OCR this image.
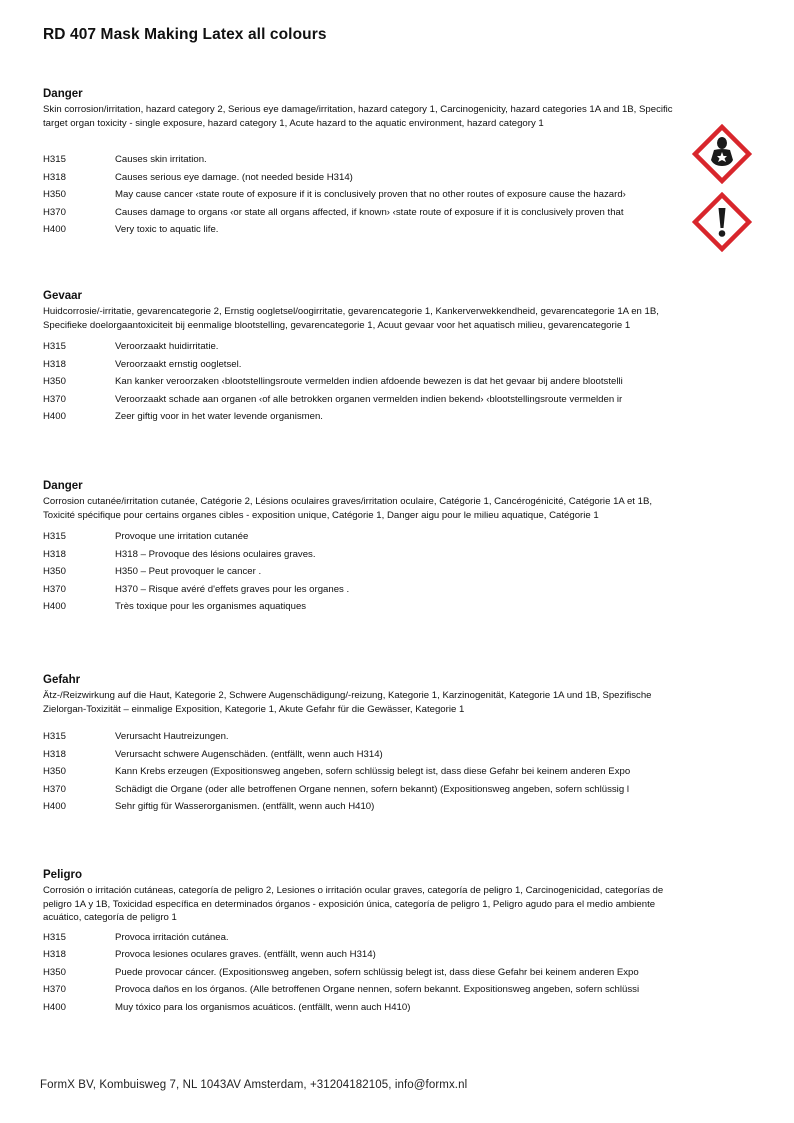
RD 407 Mask Making Latex all colours
Danger
Skin corrosion/irritation, hazard category 2, Serious eye damage/irritation, hazard category 1, Carcinogenicity, hazard categories 1A and 1B, Specific target organ toxicity - single exposure, hazard category 1, Acute hazard to the aquatic environment, hazard category 1
H315	Causes skin irritation.
H318	Causes serious eye damage. (not needed beside H314)
H350	May cause cancer ‹state route of exposure if it is conclusively proven that no other routes of exposure cause the hazard›
H370	Causes damage to organs ‹or state all organs affected, if known› ‹state route of exposure if it is conclusively proven that
H400	Very toxic to aquatic life.
Gevaar
Huidcorrosie/-irritatie, gevarencategorie 2, Ernstig oogletsel/oogirritatie, gevarencategorie 1, Kankerverwekkendheid, gevarencategorie 1A en 1B, Specifieke doelorgaantoxiciteit bij eenmalige blootstelling, gevarencategorie 1, Acuut gevaar voor het aquatisch milieu, gevarencategorie 1
H315	Veroorzaakt huidirritatie.
H318	Veroorzaakt ernstig oogletsel.
H350	Kan kanker veroorzaken ‹blootstellingsroute vermelden indien afdoende bewezen is dat het gevaar bij andere blootstelli
H370	Veroorzaakt schade aan organen ‹of alle betrokken organen vermelden indien bekend› ‹blootstellingsroute vermelden ir
H400	Zeer giftig voor in het water levende organismen.
Danger
Corrosion cutanée/irritation cutanée, Catégorie 2, Lésions oculaires graves/irritation oculaire, Catégorie 1, Cancérogénicité, Catégorie 1A et 1B, Toxicité spécifique pour certains organes cibles - exposition unique, Catégorie 1, Danger aigu pour le milieu aquatique, Catégorie 1
H315	Provoque une irritation cutanée
H318	H318 – Provoque des lésions oculaires graves.
H350	H350 – Peut provoquer le cancer .
H370	H370 – Risque avéré d'effets graves pour les organes .
H400	Très toxique pour les organismes aquatiques
Gefahr
Ätz-/Reizwirkung auf die Haut, Kategorie 2, Schwere Augenschädigung/-reizung, Kategorie 1, Karzinogenität, Kategorie 1A und 1B, Spezifische Zielorgan-Toxizität – einmalige Exposition, Kategorie 1, Akute Gefahr für die Gewässer, Kategorie 1
H315	Verursacht Hautreizungen.
H318	Verursacht schwere Augenschäden. (entfällt, wenn auch H314)
H350	Kann Krebs erzeugen (Expositionsweg angeben, sofern schlüssig belegt ist, dass diese Gefahr bei keinem anderen Expo
H370	Schädigt die Organe (oder alle betroffenen Organe nennen, sofern bekannt) (Expositionsweg angeben, sofern schlüssig l
H400	Sehr giftig für Wasserorganismen. (entfällt, wenn auch H410)
Peligro
Corrosión o irritación cutáneas, categoría de peligro 2, Lesiones o irritación ocular graves, categoría de peligro 1, Carcinogenicidad, categorías de peligro 1A y 1B, Toxicidad específica en determinados órganos - exposición única, categoría de peligro 1, Peligro agudo para el medio ambiente acuático, categoría de peligro 1
H315	Provoca irritación cutánea.
H318	Provoca lesiones oculares graves. (entfällt, wenn auch H314)
H350	Puede provocar cáncer. (Expositionsweg angeben, sofern schlüssig belegt ist, dass diese Gefahr bei keinem anderen Expo
H370	Provoca daños en los órganos. (Alle betroffenen Organe nennen, sofern bekannt. Expositionsweg angeben, sofern schlüssi
H400	Muy tóxico para los organismos acuáticos. (entfällt, wenn auch H410)
FormX BV, Kombuisweg 7, NL 1043AV Amsterdam, +31204182105, info@formx.nl
